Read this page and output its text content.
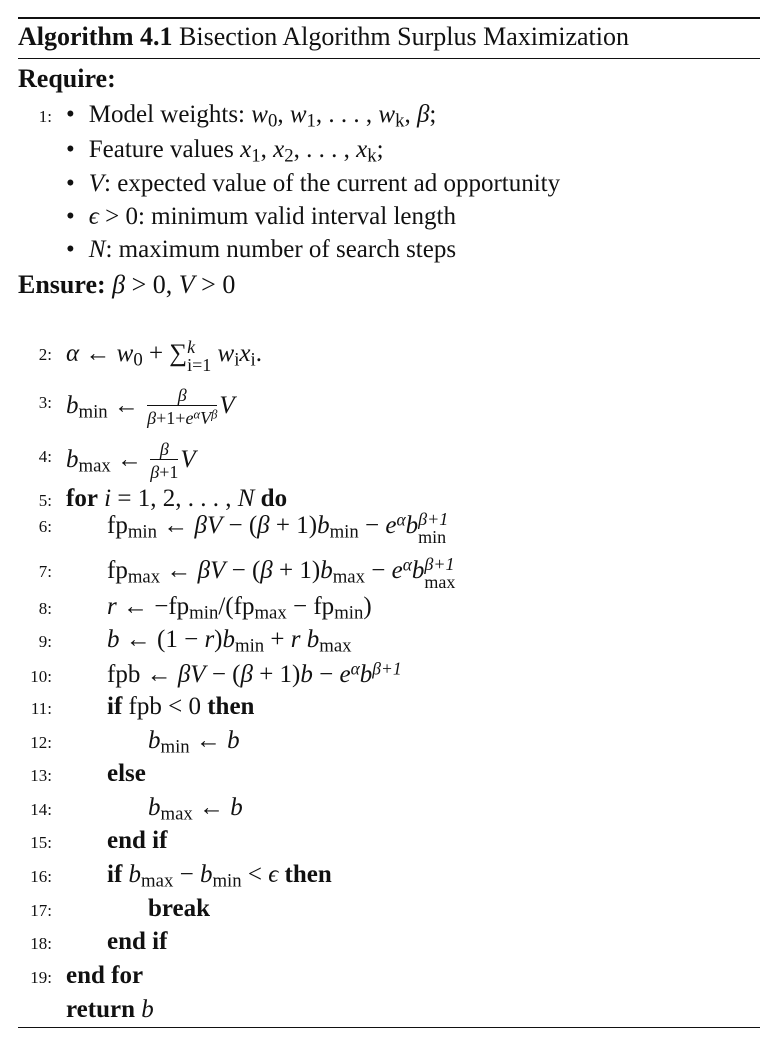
Algorithm 4.1 Bisection Algorithm Surplus Maximization
Require:
1: • Model weights: $w_0$, $w_1$, . . . , $w_k$, β;
• Feature values $x_1$, $x_2$, . . . , $x_k$;
• V: expected value of the current ad opportunity
• ϵ > 0: minimum valid interval length
• N: maximum number of search steps
Ensure: β > 0, V > 0
2: α ← $w_0$ + ∑ k
i=1 $w_ix_i$.
3: $b_{min}$ ← $\frac{\beta}{\beta+1+e^\alpha V^\beta}$ V
4: $b_{max}$ ← $\frac{\beta}{\beta+1}$ V
5: for i = 1, 2, . . . , N do
6: $fp_{min}$ ← $\beta V - (\beta + 1)b_{min} - e^\alpha b$ β+1
min
7: $fp_{max}$ ← $\beta V - (\beta + 1)b_{max} - e^\alpha b$ β+1
max
8: r ← $-fp_{min}/(fp_{max} - fp_{min})$
9: b ← $(1 - r)b_{min} + r$ $b_{max}$
10: fpb ← $\beta V - (\beta + 1)b - e^\alpha b^{\beta+1}$
11: if fpb < 0 then
12:	$b_{min}$ ← b
13: else
14:	$b_{max}$ ← b
15: end if
16: if $b_{max} - b_{min} < \epsilon$ then
17:	break
18: end if
19: end for
return b
